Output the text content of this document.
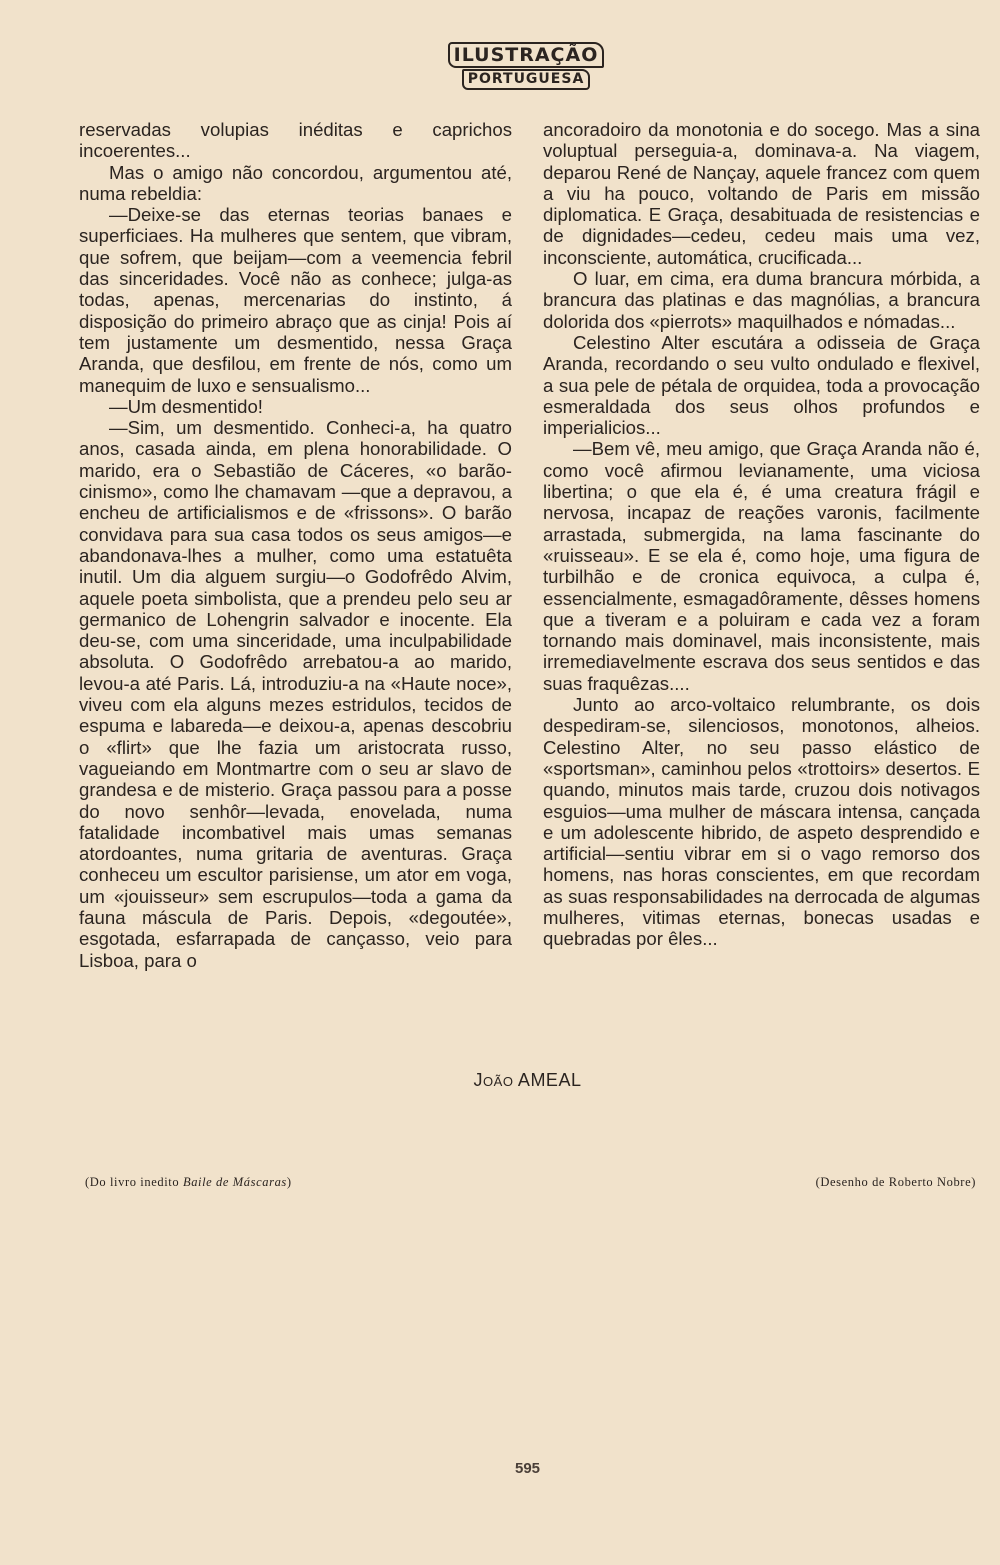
ILUSTRAÇÃO
PORTUGUESA

reservadas volupias inéditas e caprichos incoerentes...

Mas o amigo não concordou, argumentou até, numa rebeldia:

—Deixe-se das eternas teorias banaes e superficiaes. Ha mulheres que sentem, que vibram, que sofrem, que beijam—com a veemencia febril das sinceridades. Você não as conhece; julga-as todas, apenas, mercenarias do instinto, á disposição do primeiro abraço que as cinja! Pois aí tem justamente um desmentido, nessa Graça Aranda, que desfilou, em frente de nós, como um manequim de luxo e sensualismo...

—Um desmentido!

—Sim, um desmentido. Conheci-a, ha quatro anos, casada ainda, em plena honorabilidade. O marido, era o Sebastião de Cáceres, «o barão-cinismo», como lhe chamavam —que a depravou, a encheu de artificialismos e de «frissons». O barão convidava para sua casa todos os seus amigos—e abandonava-lhes a mulher, como uma estatuêta inutil. Um dia alguem surgiu—o Godofrêdo Alvim, aquele poeta simbolista, que a prendeu pelo seu ar germanico de Lohengrin salvador e inocente. Ela deu-se, com uma sinceridade, uma inculpabilidade absoluta. O Godofrêdo arrebatou-a ao marido, levou-a até Paris. Lá, introduziu-a na «Haute noce», viveu com ela alguns mezes estridulos, tecidos de espuma e labareda—e deixou-a, apenas descobriu o «flirt» que lhe fazia um aristocrata russo, vagueiando em Montmartre com o seu ar slavo de grandesa e de misterio. Graça passou para a posse do novo senhôr—levada, enovelada, numa fatalidade incombativel mais umas semanas atordoantes, numa gritaria de aventuras. Graça conheceu um escultor parisiense, um ator em voga, um «jouisseur» sem escrupulos—toda a gama da fauna máscula de Paris. Depois, «degoutée», esgotada, esfarrapada de cançasso, veio para Lisboa, para o

ancoradoiro da monotonia e do socego. Mas a sina voluptual perseguia-a, dominava-a. Na viagem, deparou René de Nançay, aquele francez com quem a viu ha pouco, voltando de Paris em missão diplomatica. E Graça, desabituada de resistencias e de dignidades—cedeu, cedeu mais uma vez, inconsciente, automática, crucificada...

O luar, em cima, era duma brancura mórbida, a brancura das platinas e das magnólias, a brancura dolorida dos «pierrots» maquilhados e nómadas...

Celestino Alter escutára a odisseia de Graça Aranda, recordando o seu vulto ondulado e flexivel, a sua pele de pétala de orquidea, toda a provocação esmeraldada dos seus olhos profundos e imperialicios...

—Bem vê, meu amigo, que Graça Aranda não é, como você afirmou levianamente, uma viciosa libertina; o que ela é, é uma creatura frágil e nervosa, incapaz de reações varonis, facilmente arrastada, submergida, na lama fascinante do «ruisseau». E se ela é, como hoje, uma figura de turbilhão e de cronica equivoca, a culpa é, essencialmente, esmagadôramente, dêsses homens que a tiveram e a poluiram e cada vez a foram tornando mais dominavel, mais inconsistente, mais irremediavelmente escrava dos seus sentidos e das suas fraquêzas....

Junto ao arco-voltaico relumbrante, os dois despediram-se, silenciosos, monotonos, alheios. Celestino Alter, no seu passo elástico de «sportsman», caminhou pelos «trottoirs» desertos. E quando, minutos mais tarde, cruzou dois notivagos esguios—uma mulher de máscara intensa, cançada e um adolescente hibrido, de aspeto desprendido e artificial—sentiu vibrar em si o vago remorso dos homens, nas horas conscientes, em que recordam as suas responsabilidades na derrocada de algumas mulheres, vitimas eternas, bonecas usadas e quebradas por êles...

João AMEAL
(Do livro inedito Baile de Máscaras)	(Desenho de Roberto Nobre)
595
